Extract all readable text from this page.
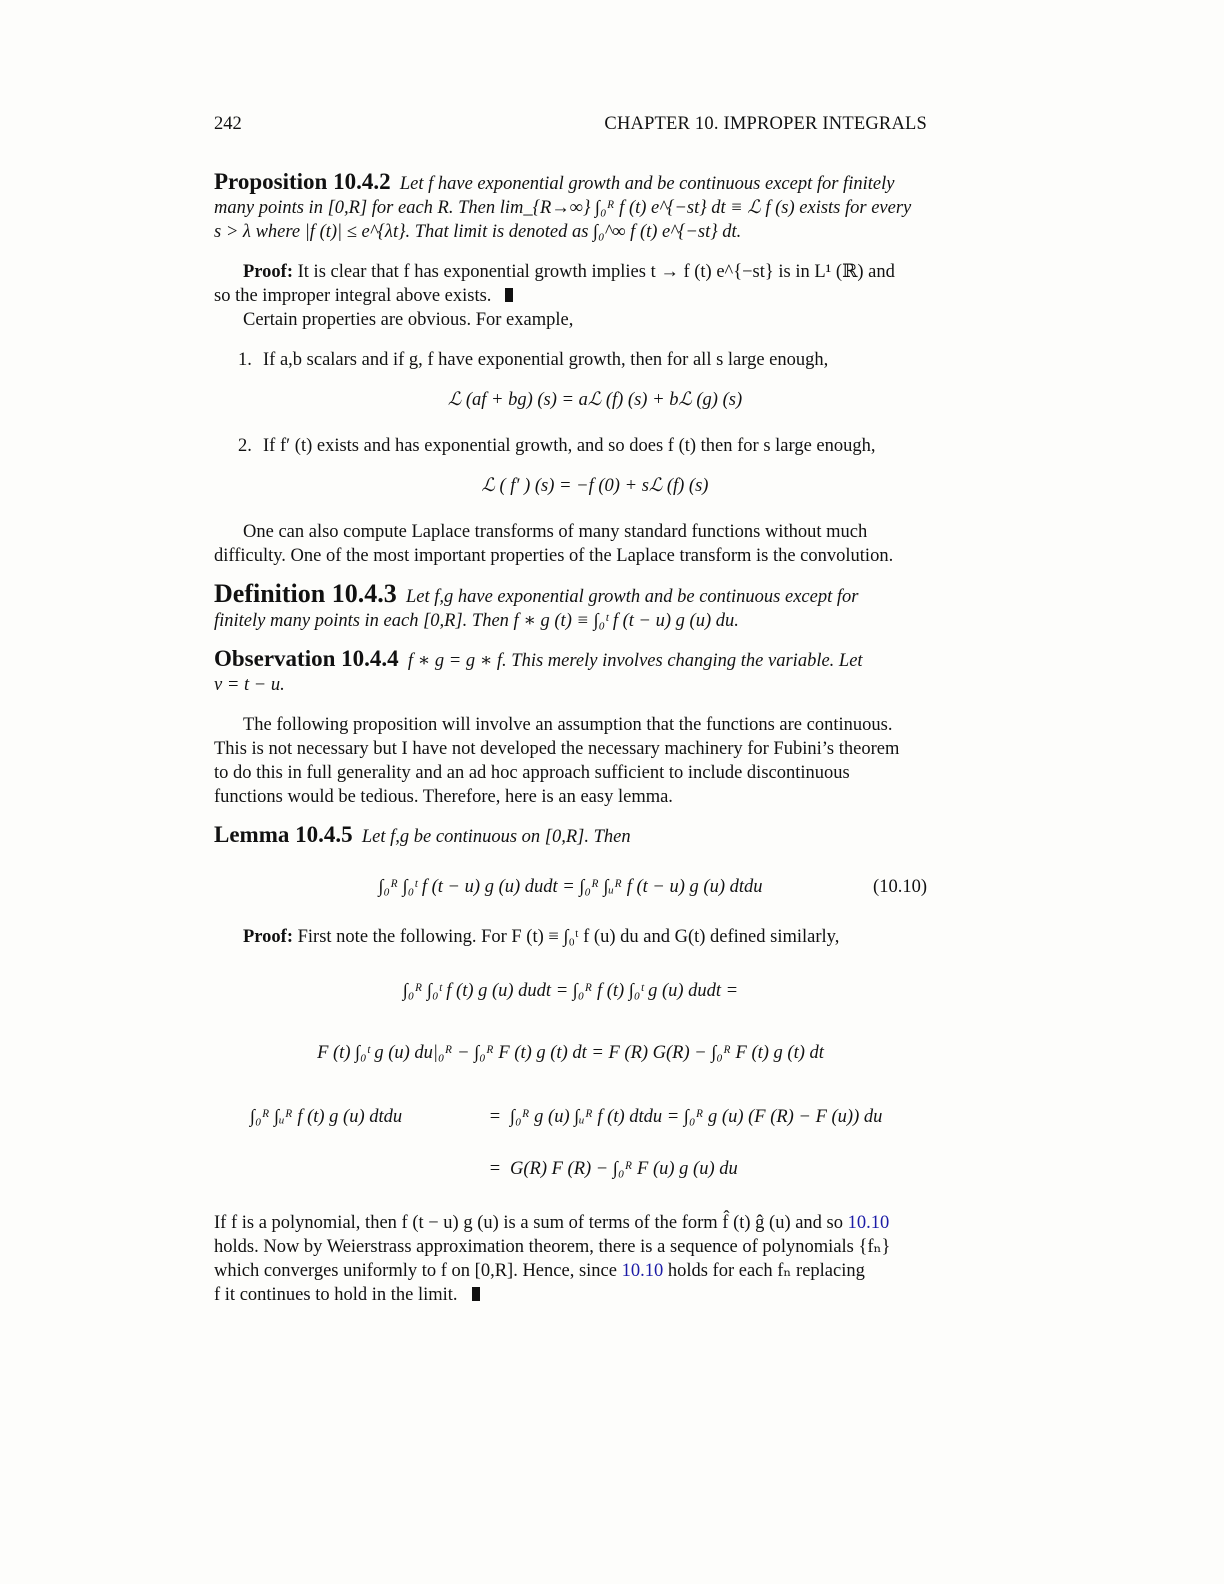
242	CHAPTER 10. IMPROPER INTEGRALS
Proposition 10.4.2 Let f have exponential growth and be continuous except for finitely
many points in [0,R] for each R. Then lim_{R→∞} ∫₀ᴿ f (t) e^{−st} dt ≡ ℒ f (s) exists for every
s > λ where |f (t)| ≤ e^{λt}. That limit is denoted as ∫₀^∞ f (t) e^{−st} dt.
Proof: It is clear that f has exponential growth implies t → f (t) e^{−st} is in L¹ (ℝ) and
so the improper integral above exists.
Certain properties are obvious. For example,
1. If a,b scalars and if g, f have exponential growth, then for all s large enough,
ℒ (af + bg) (s) = aℒ (f) (s) + bℒ (g) (s)
2. If f′ (t) exists and has exponential growth, and so does f (t) then for s large enough,
ℒ ( f′ ) (s) = −f (0) + sℒ (f) (s)
One can also compute Laplace transforms of many standard functions without much
difficulty. One of the most important properties of the Laplace transform is the convolution.
Definition 10.4.3 Let f,g have exponential growth and be continuous except for
finitely many points in each [0,R]. Then f ∗ g (t) ≡ ∫₀ᵗ f (t − u) g (u) du.
Observation 10.4.4 f ∗ g = g ∗ f. This merely involves changing the variable. Let
v = t − u.
The following proposition will involve an assumption that the functions are continuous.
This is not necessary but I have not developed the necessary machinery for Fubini’s theorem
to do this in full generality and an ad hoc approach sufficient to include discontinuous
functions would be tedious. Therefore, here is an easy lemma.
Lemma 10.4.5 Let f,g be continuous on [0,R]. Then
∫₀ᴿ ∫₀ᵗ f (t − u) g (u) dudt = ∫₀ᴿ ∫ᵤᴿ f (t − u) g (u) dtdu	(10.10)
Proof: First note the following. For F (t) ≡ ∫₀ᵗ f (u) du and G(t) defined similarly,
∫₀ᴿ ∫₀ᵗ f (t) g (u) dudt = ∫₀ᴿ f (t) ∫₀ᵗ g (u) dudt =
F (t) ∫₀ᵗ g (u) du|₀ᴿ − ∫₀ᴿ F (t) g (t) dt = F (R) G(R) − ∫₀ᴿ F (t) g (t) dt
∫₀ᴿ ∫ᵤᴿ f (t) g (u) dtdu	= ∫₀ᴿ g (u) ∫ᵤᴿ f (t) dtdu = ∫₀ᴿ g (u) (F (R) − F (u)) du
= G(R) F (R) − ∫₀ᴿ F (u) g (u) du
If f is a polynomial, then f (t − u) g (u) is a sum of terms of the form f̂ (t) ĝ (u) and so 10.10
holds. Now by Weierstrass approximation theorem, there is a sequence of polynomials {fₙ}
which converges uniformly to f on [0,R]. Hence, since 10.10 holds for each fₙ replacing
f it continues to hold in the limit.
